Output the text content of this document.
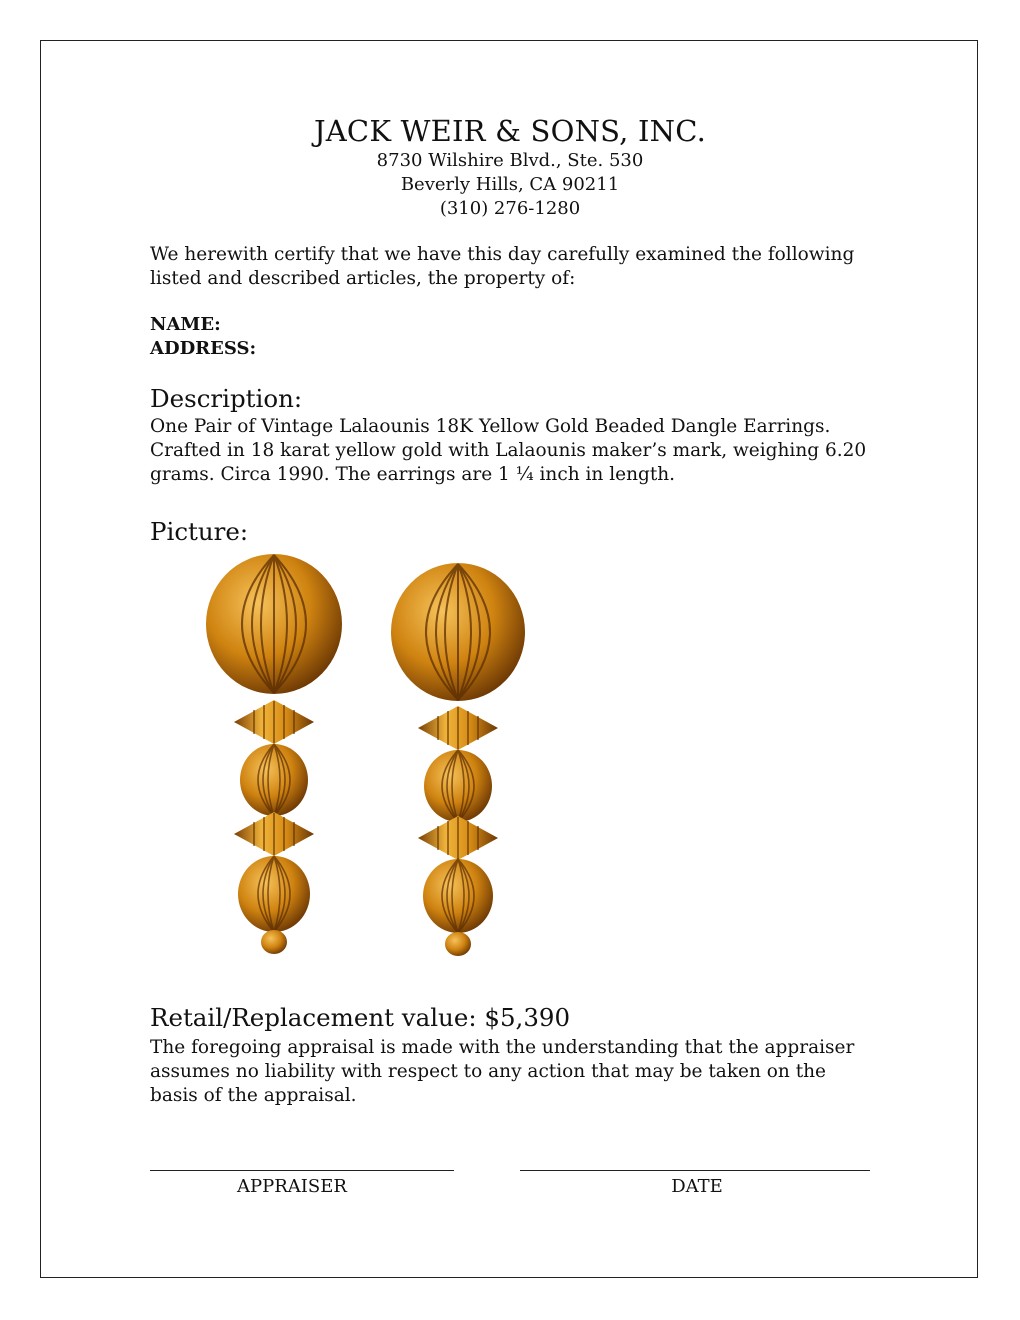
JACK WEIR & SONS, INC.
8730 Wilshire Blvd., Ste. 530
Beverly Hills, CA 90211
(310) 276-1280
We herewith certify that we have this day carefully examined the following listed and described articles, the property of:
NAME:
ADDRESS:
Description:
One Pair of Vintage Lalaounis 18K Yellow Gold Beaded Dangle Earrings. Crafted in 18 karat yellow gold with Lalaounis maker’s mark, weighing 6.20 grams. Circa 1990. The earrings are 1 ¼ inch in length.
Picture:
Retail/Replacement value: $5,390
The foregoing appraisal is made with the understanding that the appraiser assumes no liability with respect to any action that may be taken on the basis of the appraisal.
APPRAISER	DATE
